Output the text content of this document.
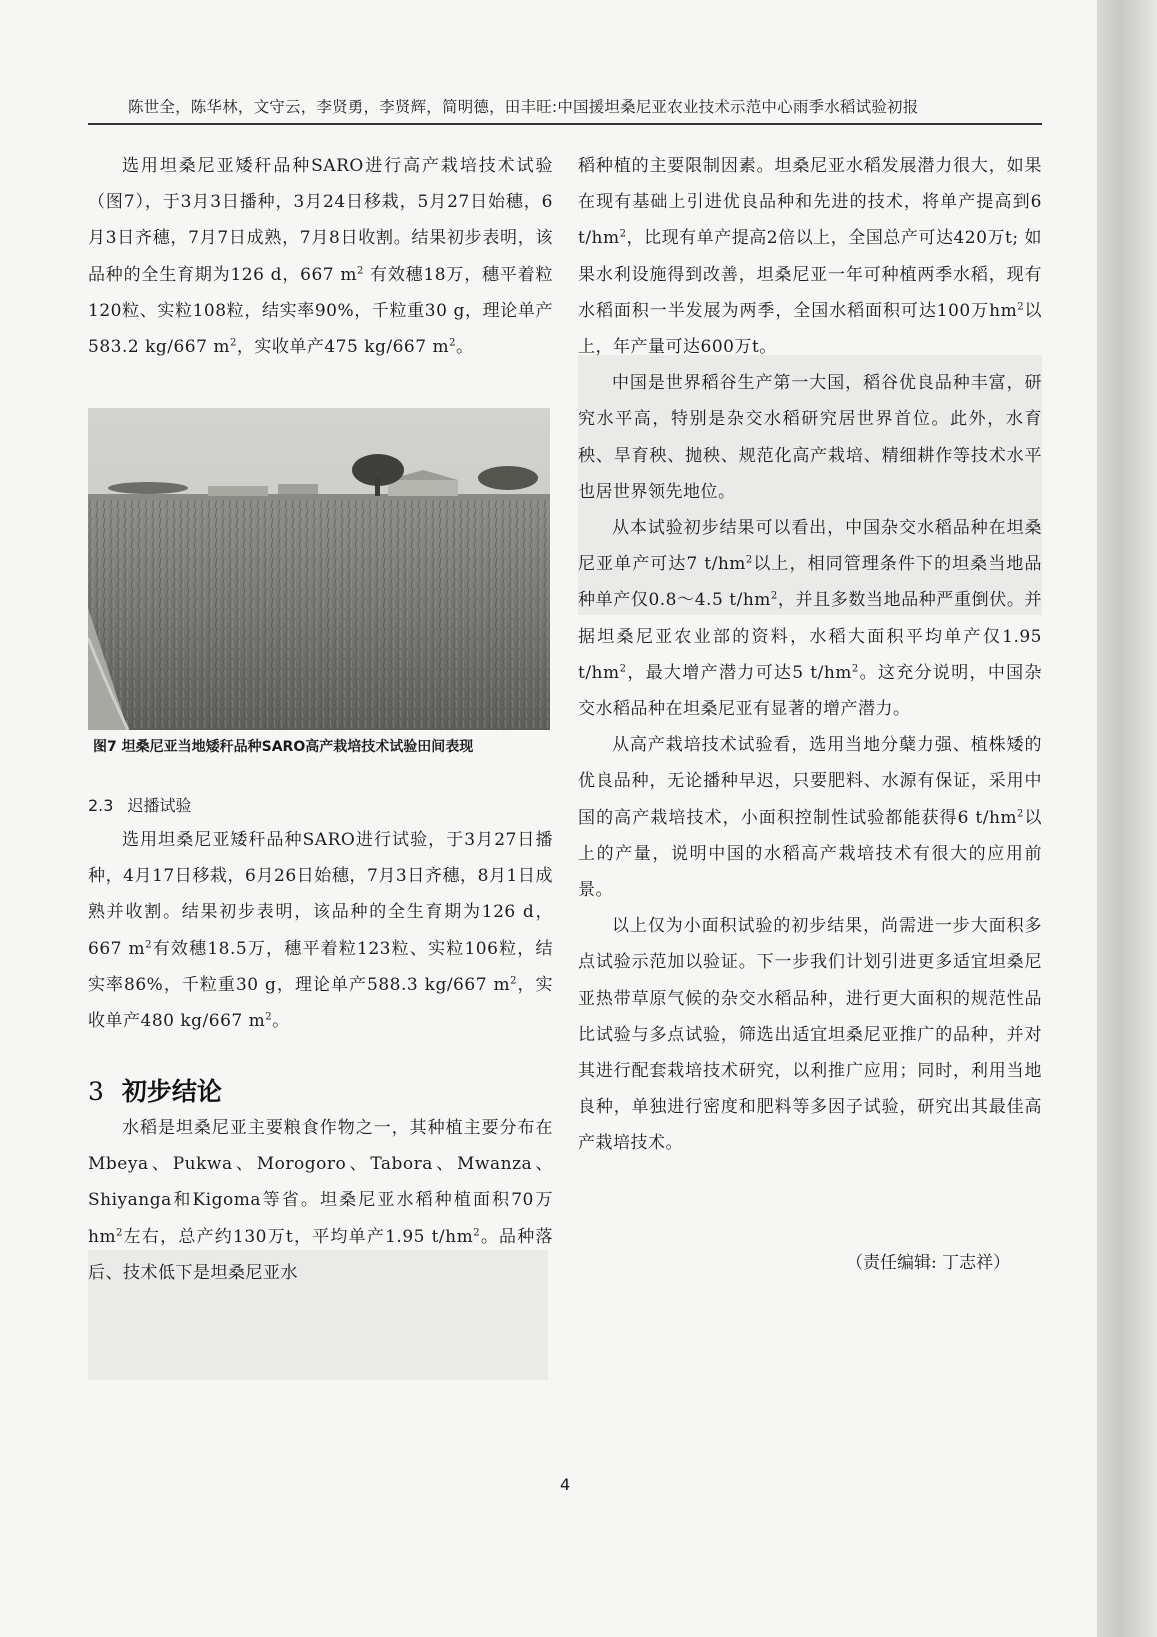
陈世全，陈华林，文守云，李贤勇，李贤辉，简明德，田丰旺:中国援坦桑尼亚农业技术示范中心雨季水稻试验初报

选用坦桑尼亚矮秆品种SARO进行高产栽培技术试验（图7），于3月3日播种，3月24日移栽，5月27日始穗，6月3日齐穗，7月7日成熟，7月8日收割。结果初步表明，该品种的全生育期为126 d，667 $m^2$ 有效穗18万，穗平着粒120粒、实粒108粒，结实率90%，千粒重30 g，理论单产583.2 kg/667 $m^2$，实收单产475 kg/667 $m^2$。

图7 坦桑尼亚当地矮秆品种SARO高产栽培技术试验田间表现
2.3 迟播试验

选用坦桑尼亚矮秆品种SARO进行试验，于3月27日播种，4月17日移栽，6月26日始穗，7月3日齐穗，8月1日成熟并收割。结果初步表明，该品种的全生育期为126 d，667 $m^2$有效穗18.5万，穗平着粒123粒、实粒106粒，结实率86%，千粒重30 g，理论单产588.3 kg/667 $m^2$，实收单产480 kg/667 $m^2$。

3 初步结论

水稻是坦桑尼亚主要粮食作物之一，其种植主要分布在Mbeya、Pukwa、Morogoro、Tabora、Mwanza、Shiyanga和Kigoma等省。坦桑尼亚水稻种植面积70万$hm^2$左右，总产约130万t，平均单产1.95 $t/hm^2$。品种落后、技术低下是坦桑尼亚水

稻种植的主要限制因素。坦桑尼亚水稻发展潜力很大，如果在现有基础上引进优良品种和先进的技术，将单产提高到6 $t/hm^2$，比现有单产提高2倍以上，全国总产可达420万t; 如果水利设施得到改善，坦桑尼亚一年可种植两季水稻，现有水稻面积一半发展为两季，全国水稻面积可达100万$hm^2$以上，年产量可达600万t。

中国是世界稻谷生产第一大国，稻谷优良品种丰富，研究水平高，特别是杂交水稻研究居世界首位。此外，水育秧、旱育秧、抛秧、规范化高产栽培、精细耕作等技术水平也居世界领先地位。

从本试验初步结果可以看出，中国杂交水稻品种在坦桑尼亚单产可达7 $t/hm^2$以上，相同管理条件下的坦桑当地品种单产仅0.8～4.5 $t/hm^2$，并且多数当地品种严重倒伏。并据坦桑尼亚农业部的资料，水稻大面积平均单产仅1.95 $t/hm^2$，最大增产潜力可达5 $t/hm^2$。这充分说明，中国杂交水稻品种在坦桑尼亚有显著的增产潜力。

从高产栽培技术试验看，选用当地分蘖力强、植株矮的优良品种，无论播种早迟，只要肥料、水源有保证，采用中国的高产栽培技术，小面积控制性试验都能获得6 $t/hm^2$以上的产量，说明中国的水稻高产栽培技术有很大的应用前景。

以上仅为小面积试验的初步结果，尚需进一步大面积多点试验示范加以验证。下一步我们计划引进更多适宜坦桑尼亚热带草原气候的杂交水稻品种，进行更大面积的规范性品比试验与多点试验，筛选出适宜坦桑尼亚推广的品种，并对其进行配套栽培技术研究，以利推广应用；同时，利用当地良种，单独进行密度和肥料等多因子试验，研究出其最佳高产栽培技术。

（责任编辑: 丁志祥）
4
